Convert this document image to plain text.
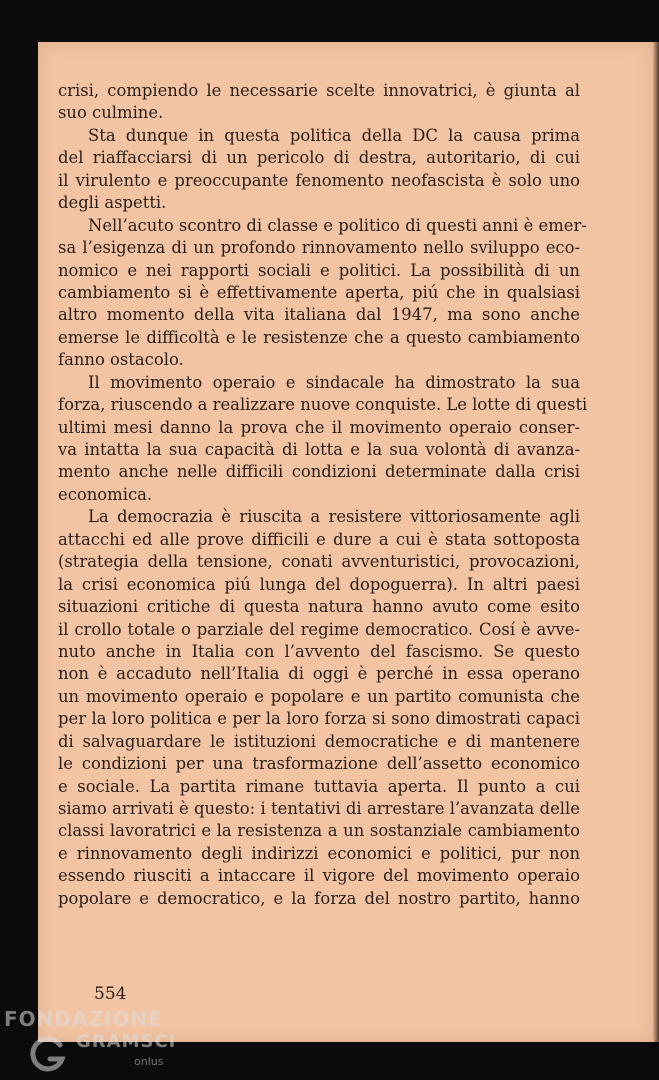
crisi, compiendo le necessarie scelte innovatrici, è giunta al
suo culmine.
Sta dunque in questa politica della DC la causa prima
del riaffacciarsi di un pericolo di destra, autoritario, di cui
il virulento e preoccupante fenomento neofascista è solo uno
degli aspetti.
Nell’acuto scontro di classe e politico di questi anni è emer-
sa l’esigenza di un profondo rinnovamento nello sviluppo eco-
nomico e nei rapporti sociali e politici. La possibilità di un
cambiamento si è effettivamente aperta, piú che in qualsiasi
altro momento della vita italiana dal 1947, ma sono anche
emerse le difficoltà e le resistenze che a questo cambiamento
fanno ostacolo.
Il movimento operaio e sindacale ha dimostrato la sua
forza, riuscendo a realizzare nuove conquiste. Le lotte di questi
ultimi mesi danno la prova che il movimento operaio conser-
va intatta la sua capacità di lotta e la sua volontà di avanza-
mento anche nelle difficili condizioni determinate dalla crisi
economica.
La democrazia è riuscita a resistere vittoriosamente agli
attacchi ed alle prove difficili e dure a cui è stata sottoposta
(strategia della tensione, conati avventuristici, provocazioni,
la crisi economica piú lunga del dopoguerra). In altri paesi
situazioni critiche di questa natura hanno avuto come esito
il crollo totale o parziale del regime democratico. Cosí è avve-
nuto anche in Italia con l’avvento del fascismo. Se questo
non è accaduto nell’Italia di oggi è perché in essa operano
un movimento operaio e popolare e un partito comunista che
per la loro politica e per la loro forza si sono dimostrati capaci
di salvaguardare le istituzioni democratiche e di mantenere
le condizioni per una trasformazione dell’assetto economico
e sociale. La partita rimane tuttavia aperta. Il punto a cui
siamo arrivati è questo: i tentativi di arrestare l’avanzata delle
classi lavoratrici e la resistenza a un sostanziale cambiamento
e rinnovamento degli indirizzi economici e politici, pur non
essendo riusciti a intaccare il vigore del movimento operaio
popolare e democratico, e la forza del nostro partito, hanno
554
FONDAZIONE
GRAMSCI
onlus
